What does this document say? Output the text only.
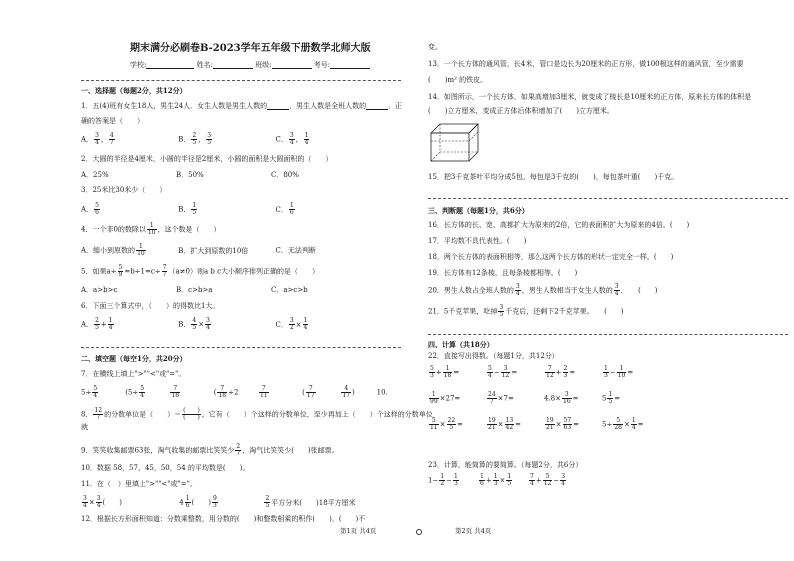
期末满分必刷卷B-2023学年五年级下册数学北师大版
学校:	姓名:	班级:	考号:
一、选择题（每题2分，共12分）
1．五(4)班有女生18人，男生24人．女生人数是男生人数的	，男生人数是全班人数的	．正
确的答案是（　　）
A． $\frac{3}{4}$ ， $\frac{4}{7}$	B． $\frac{2}{5}$ ， $\frac{3}{5}$	C． $\frac{3}{4}$ ， $\frac{1}{4}$
2．大圆的半径是4厘米，小圆的半径是2厘米，小圆的面积是大圆面积的（　　）
A．25%	B．50%	C．80%
3．25米比30米少（　　）
A． $\frac{5}{6}$	B． $\frac{1}{5}$	C． $\frac{1}{6}$
4．一个非0的数除以 $\frac{1}{10}$ ，这个数是（　　）
A．缩小到原数的 $\frac{1}{10}$	B．扩大到原数的10倍	C．无法判断
5．如果$a\div \frac{5}{9} =b\div 1=c\div \frac{7}{7} (a\ne 0)$则a b c大小顺序排列正确的是（　　）
A．a>b>c	B．c>b>a	C．a>c>b
6．下面三个算式中，（　　）的得数比1大。
A． $\frac{2}{5} + \frac{1}{4}$	B． $\frac{4}{5} \times \frac{3}{4}$	C． $\frac{3}{2} \times \frac{1}{4}$
二、填空题（每空1分，共20分）
7．在横线上填上">""<"或"="。
$5\div \frac{5}{4}$	($5\div \frac{5}{4}$
	$\frac{7}{18}$	( $\frac{7}{18} \div 2$	$\frac{7}{11}$	( $\frac{7}{17}$
	$\frac{4}{17}$ )	10.
8． $\frac{12}{7}$ 的分数单位是（　　）＝ (　　)
(　　) ，它有（　　）个这样的分数单位，至少再加上（　　）个这样的分数单位
就
9．笑笑收集邮票63张，淘气收集的邮票比笑笑少 $\frac{2}{7}$ ，淘气比笑笑少(　　)张邮票。
10．数据 58，57，45，50，54 的平均数是(　　)。
11．在（　）里填上">""<"或"="。
$\frac{3}{4} \times \frac{3}{4}$ (　　)	$4 \frac{1}{6}$ (　　) $\frac{9}{3}$
	$\frac{2}{5}$ 平方分米(　　)18平方厘米
12．根据长方形面积知道：分数乘整数，用分数的(　　)和整数相乘的积作(　　)，(　　)不
第1页 共4页
变。
13．一个长方体的通风管，长4米，管口是边长为20厘米的正方形，做100根这样的通风管，至少需要
(　　)m² 的铁皮。
14．如图所示，一个长方体，如果高增加3厘米，就变成了棱长是10厘米的正方体，原来长方体的体积是
(　　)立方厘米，变成正方体后体积增加了(　　)立方厘米。
15．把3千克茶叶平均分成5包，每包是3千克的(　　)，每包茶叶重(　　)千克。
三、判断题（每题1分，共6分）
16．长方体的长、宽、高都扩大为原来的2倍，它的表面积扩大为原来的4倍。(　　)
17．平均数不具代表性。(　　)
18．两个长方体的表面积相等，那么这两个长方体的形状一定完全一样。(　　)
19．长方体有12条棱，且每条棱都相等。(　　)
20．男生人数占全班人数的 $\frac{3}{4}$ ，男生人数相当于女生人数的 $\frac{3}{4}$ ．　　(　　)
21．5千克苹果，吃掉 $\frac{3}{5}$ 千克后，还剩下2千克苹果。　　(　　)
四、计算（共18分）
22．直接写出得数。（每题1分，共12分）
$\frac{5}{3} + \frac{1}{18}$ =	$\frac{5}{4} - \frac{3}{12}$ =	$\frac{7}{12} + \frac{2}{3}$ =	$\frac{1}{3} - \frac{1}{10}$ =
$\frac{1}{99} \times 27=$	$\frac{24}{7} \times 7=$	$4.8\times \frac{3}{16}$ =	$5 \frac{1}{5}$ =
$\frac{5}{11} \times \frac{22}{5}$ =	$\frac{19}{21} \times \frac{13}{42}$ =	$\frac{19}{21} \times \frac{57}{63}$ =	$5\div \frac{5}{28} \times \frac{1}{4}$ =
23．计算，能简算的要简算。（每题2分，共6分）
$1- \frac{1}{2} - \frac{1}{3}$	$\frac{1}{6} + \frac{1}{3} \times \frac{1}{5}$	$\frac{7}{4} + \frac{5}{12} - \frac{3}{4}$
第2页 共4页
